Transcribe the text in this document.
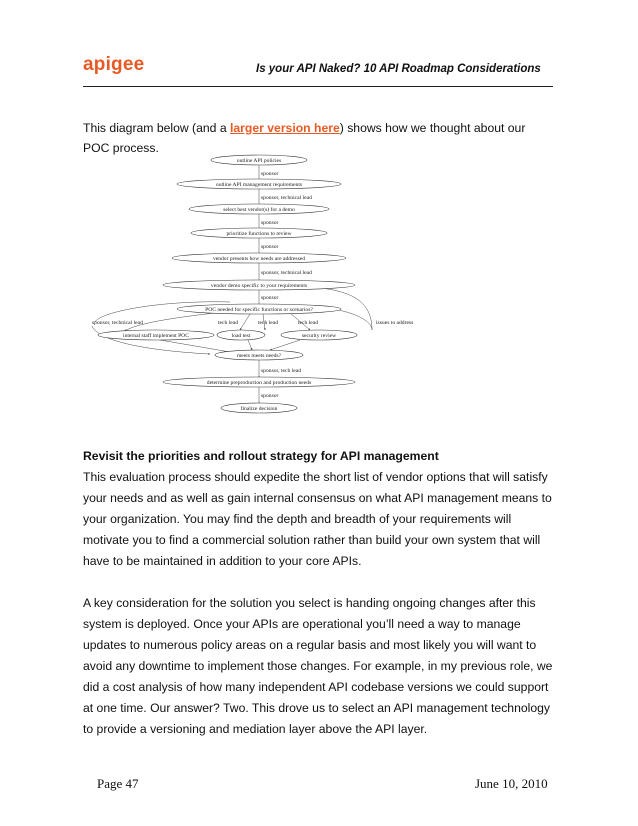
apigee	Is your API Naked? 10 API Roadmap Considerations
This diagram below (and a larger version here) shows how we thought about our POC process.
outline API policies
outline API management requirements
select best vendor(s) for a demo
prioritize functions to review
vendor presents how needs are addressed
vendor demo specific to your requirements
POC needed for specific functions or scenarios?
internal staff implement POC	load test	security review
meets meets needs?
determine preproduction and production needs
finalize decision
sponsor
sponsor, technical lead
sponsor
sponsor
sponsor, technical lead
sponsor
sponsor, technical lead	tech lead	tech lead	tech lead	issues to address
sponsor, tech lead
sponsor
Revisit the priorities and rollout strategy for API management
This evaluation process should expedite the short list of vendor options that will satisfy your needs and as well as gain internal consensus on what API management means to your organization. You may find the depth and breadth of your requirements will motivate you to find a commercial solution rather than build your own system that will have to be maintained in addition to your core APIs.
A key consideration for the solution you select is handing ongoing changes after this system is deployed. Once your APIs are operational you’ll need a way to manage updates to numerous policy areas on a regular basis and most likely you will want to avoid any downtime to implement those changes. For example, in my previous role, we did a cost analysis of how many independent API codebase versions we could support at one time. Our answer? Two. This drove us to select an API management technology to provide a versioning and mediation layer above the API layer.
Page 47	June 10, 2010
